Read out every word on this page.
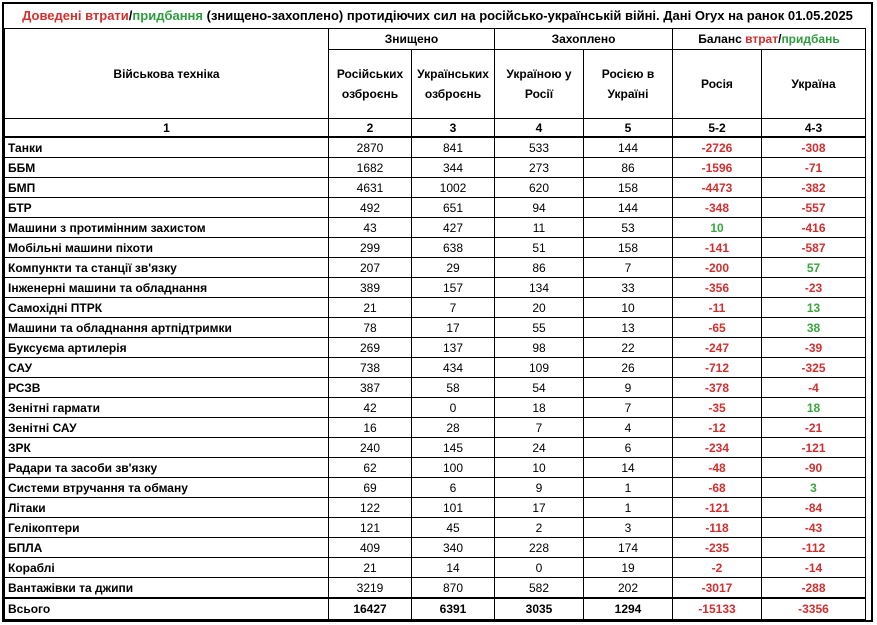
Доведені втрати/придбання (знищено-захоплено) протидіючих сил на російсько-українській війні. Дані Oryx на ранок 01.05.2025
Військова техніка	Знищено		Захоплено		Баланс втрат/придбань	
	Російських озброєнь	Українських озброєнь	Україною у Росії	Росією в Україні	Росія	Україна
1	2	3	4	5	5-2	4-3
Танки	2870	841	533	144	-2726	-308
ББМ	1682	344	273	86	-1596	-71
БМП	4631	1002	620	158	-4473	-382
БТР	492	651	94	144	-348	-557
Машини з протимінним захистом	43	427	11	53	10	-416
Мобільні машини піхоти	299	638	51	158	-141	-587
Компункти та станції зв'язку	207	29	86	7	-200	57
Інженерні машини та обладнання	389	157	134	33	-356	-23
Самохідні ПТРК	21	7	20	10	-11	13
Машини та обладнання артпідтримки	78	17	55	13	-65	38
Буксуєма артилерія	269	137	98	22	-247	-39
САУ	738	434	109	26	-712	-325
РСЗВ	387	58	54	9	-378	-4
Зенітні гармати	42	0	18	7	-35	18
Зенітні САУ	16	28	7	4	-12	-21
ЗРК	240	145	24	6	-234	-121
Радари та засоби зв'язку	62	100	10	14	-48	-90
Системи втручання та обману	69	6	9	1	-68	3
Літаки	122	101	17	1	-121	-84
Гелікоптери	121	45	2	3	-118	-43
БПЛА	409	340	228	174	-235	-112
Кораблі	21	14	0	19	-2	-14
Вантажівки та джипи	3219	870	582	202	-3017	-288
Всього	16427	6391	3035	1294	-15133	-3356
